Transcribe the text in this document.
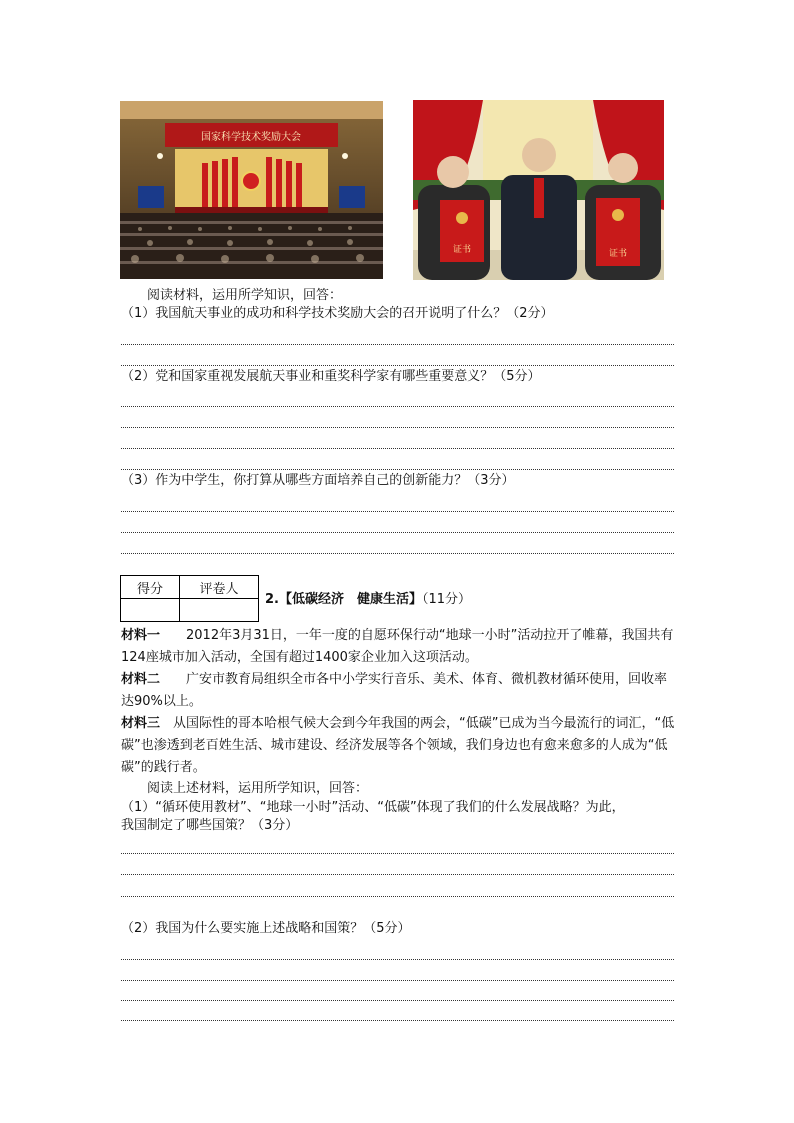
国家科学技术奖励大会
证书	证书
阅读材料，运用所学知识，回答：
（1）我国航天事业的成功和科学技术奖励大会的召开说明了什么？（2分）
（2）党和国家重视发展航天事业和重奖科学家有哪些重要意义？（5分）
（3）作为中学生，你打算从哪些方面培养自己的创新能力？（3分）
得分	评卷人

2.【低碳经济　健康生活】（11分）
材料一　　2012年3月31日，一年一度的自愿环保行动“地球一小时”活动拉开了帷幕，我国共有124座城市加入活动，全国有超过1400家企业加入这项活动。
材料二　　广安市教育局组织全市各中小学实行音乐、美术、体育、微机教材循环使用，回收率达90%以上。
材料三　从国际性的哥本哈根气候大会到今年我国的两会，“低碳”已成为当今最流行的词汇，“低碳”也渗透到老百姓生活、城市建设、经济发展等各个领域，我们身边也有愈来愈多的人成为“低碳”的践行者。
阅读上述材料，运用所学知识，回答：
（1）“循环使用教材”、“地球一小时”活动、“低碳”体现了我们的什么发展战略？为此，
我国制定了哪些国策？（3分）
（2）我国为什么要实施上述战略和国策？（5分）
